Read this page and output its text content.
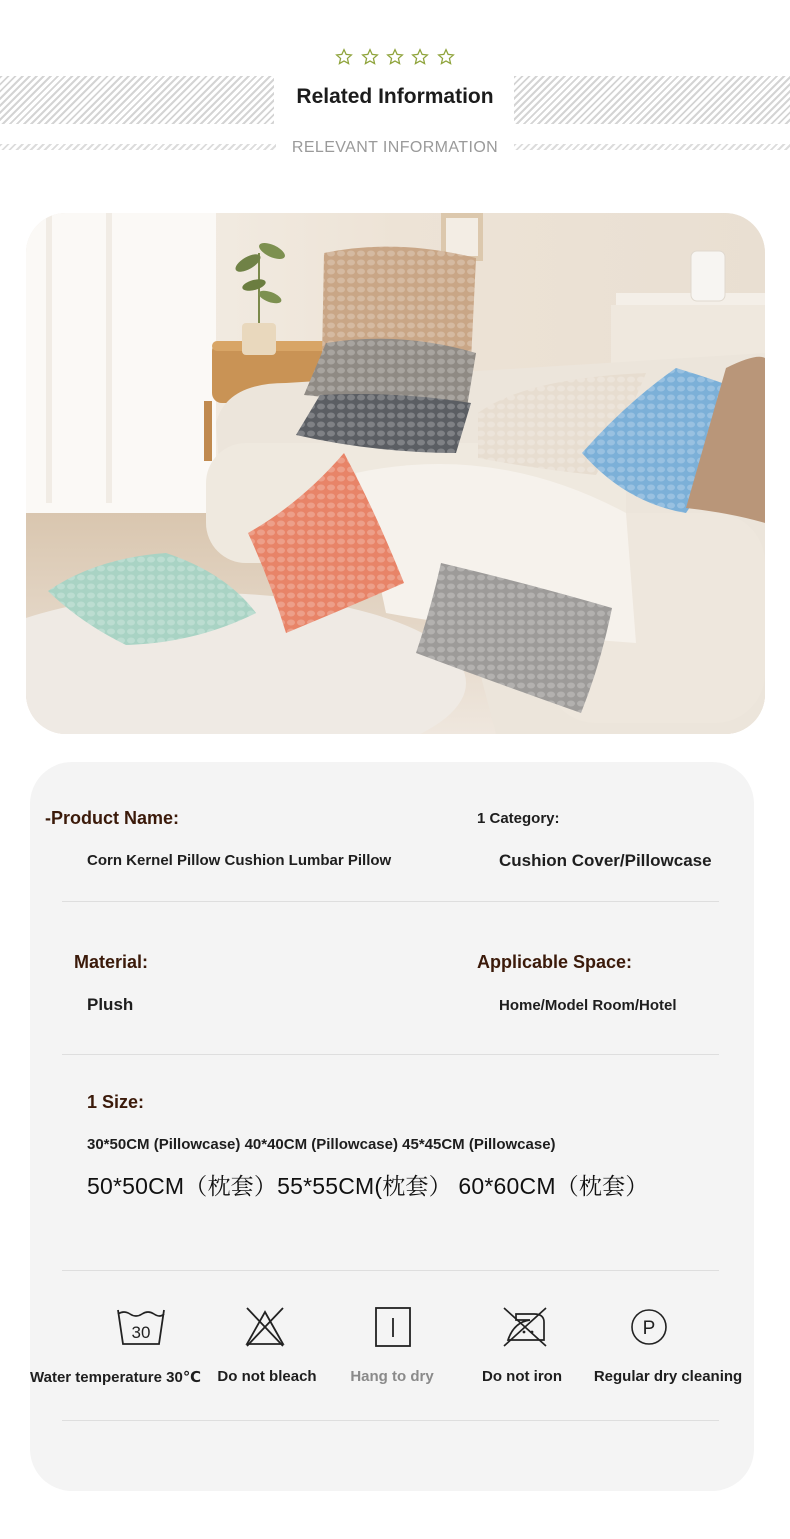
Related Information
RELEVANT INFORMATION
-Product Name:	1 Category:
Corn Kernel Pillow Cushion Lumbar Pillow	Cushion Cover/Pillowcase
Material:	Applicable Space:
Plush	Home/Model Room/Hotel
1 Size:
30*50CM (Pillowcase) 40*40CM (Pillowcase) 45*45CM (Pillowcase)
50*50CM（枕套）55*55CM(枕套） 60*60CM（枕套）
30	P
Water temperature 30℃	Do not bleach	Hang to dry	Do not iron	Regular dry cleaning
